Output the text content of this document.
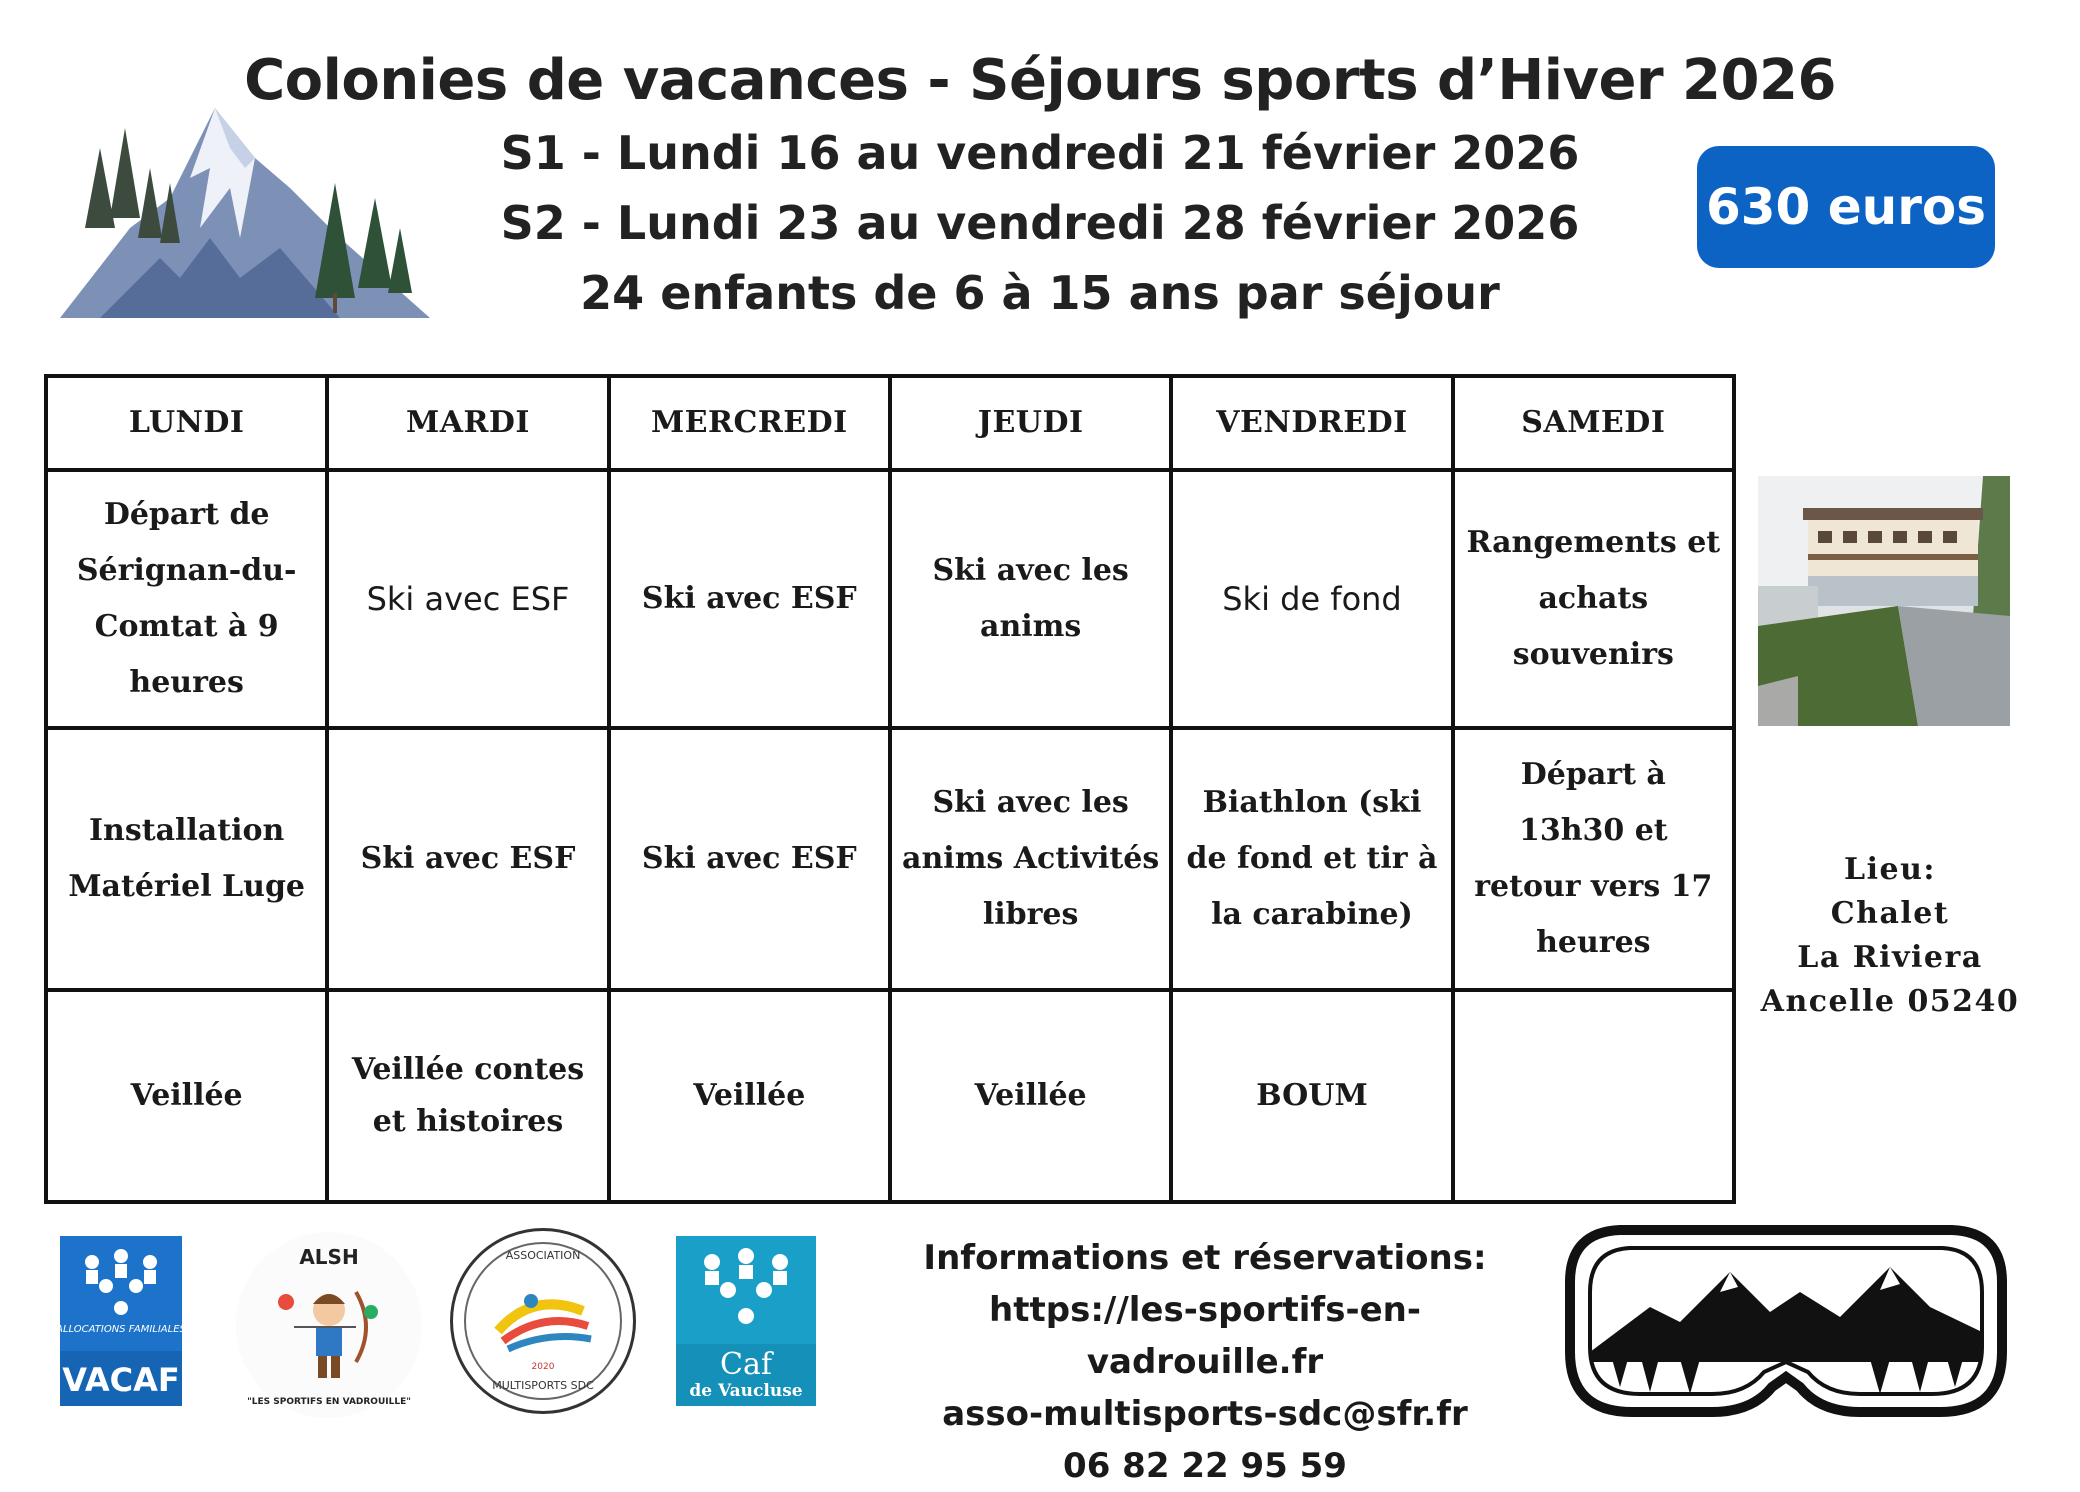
Colonies de vacances - Séjours sports d’Hiver 2026
S1 - Lundi 16 au vendredi 21 février 2026
S2 - Lundi 23 au vendredi 28 février 2026
24 enfants de 6 à 15 ans par séjour
630 euros
LUNDI	MARDI	MERCREDI	JEUDI	VENDREDI	SAMEDI
Départ de Sérignan-du-Comtat à 9 heures	Ski avec ESF	Ski avec ESF	Ski avec les anims	Ski de fond	Rangements et achats souvenirs
Installation Matériel Luge	Ski avec ESF	Ski avec ESF	Ski avec les anims Activités libres	Biathlon (ski de fond et tir à la carabine)	Départ à 13h30 et retour vers 17 heures
Veillée	Veillée contes et histoires	Veillée	Veillée	BOUM	
Lieu:
Chalet
La Riviera
Ancelle 05240
ALLOCATIONS FAMILIALES
VACAF
ALSH
"LES SPORTIFS EN VADROUILLE"
ASSOCIATION
2020
MULTISPORTS SDC
Caf
de Vaucluse
Informations et réservations:
https://les-sportifs-en-vadrouille.fr
asso-multisports-sdc@sfr.fr
06 82 22 95 59
